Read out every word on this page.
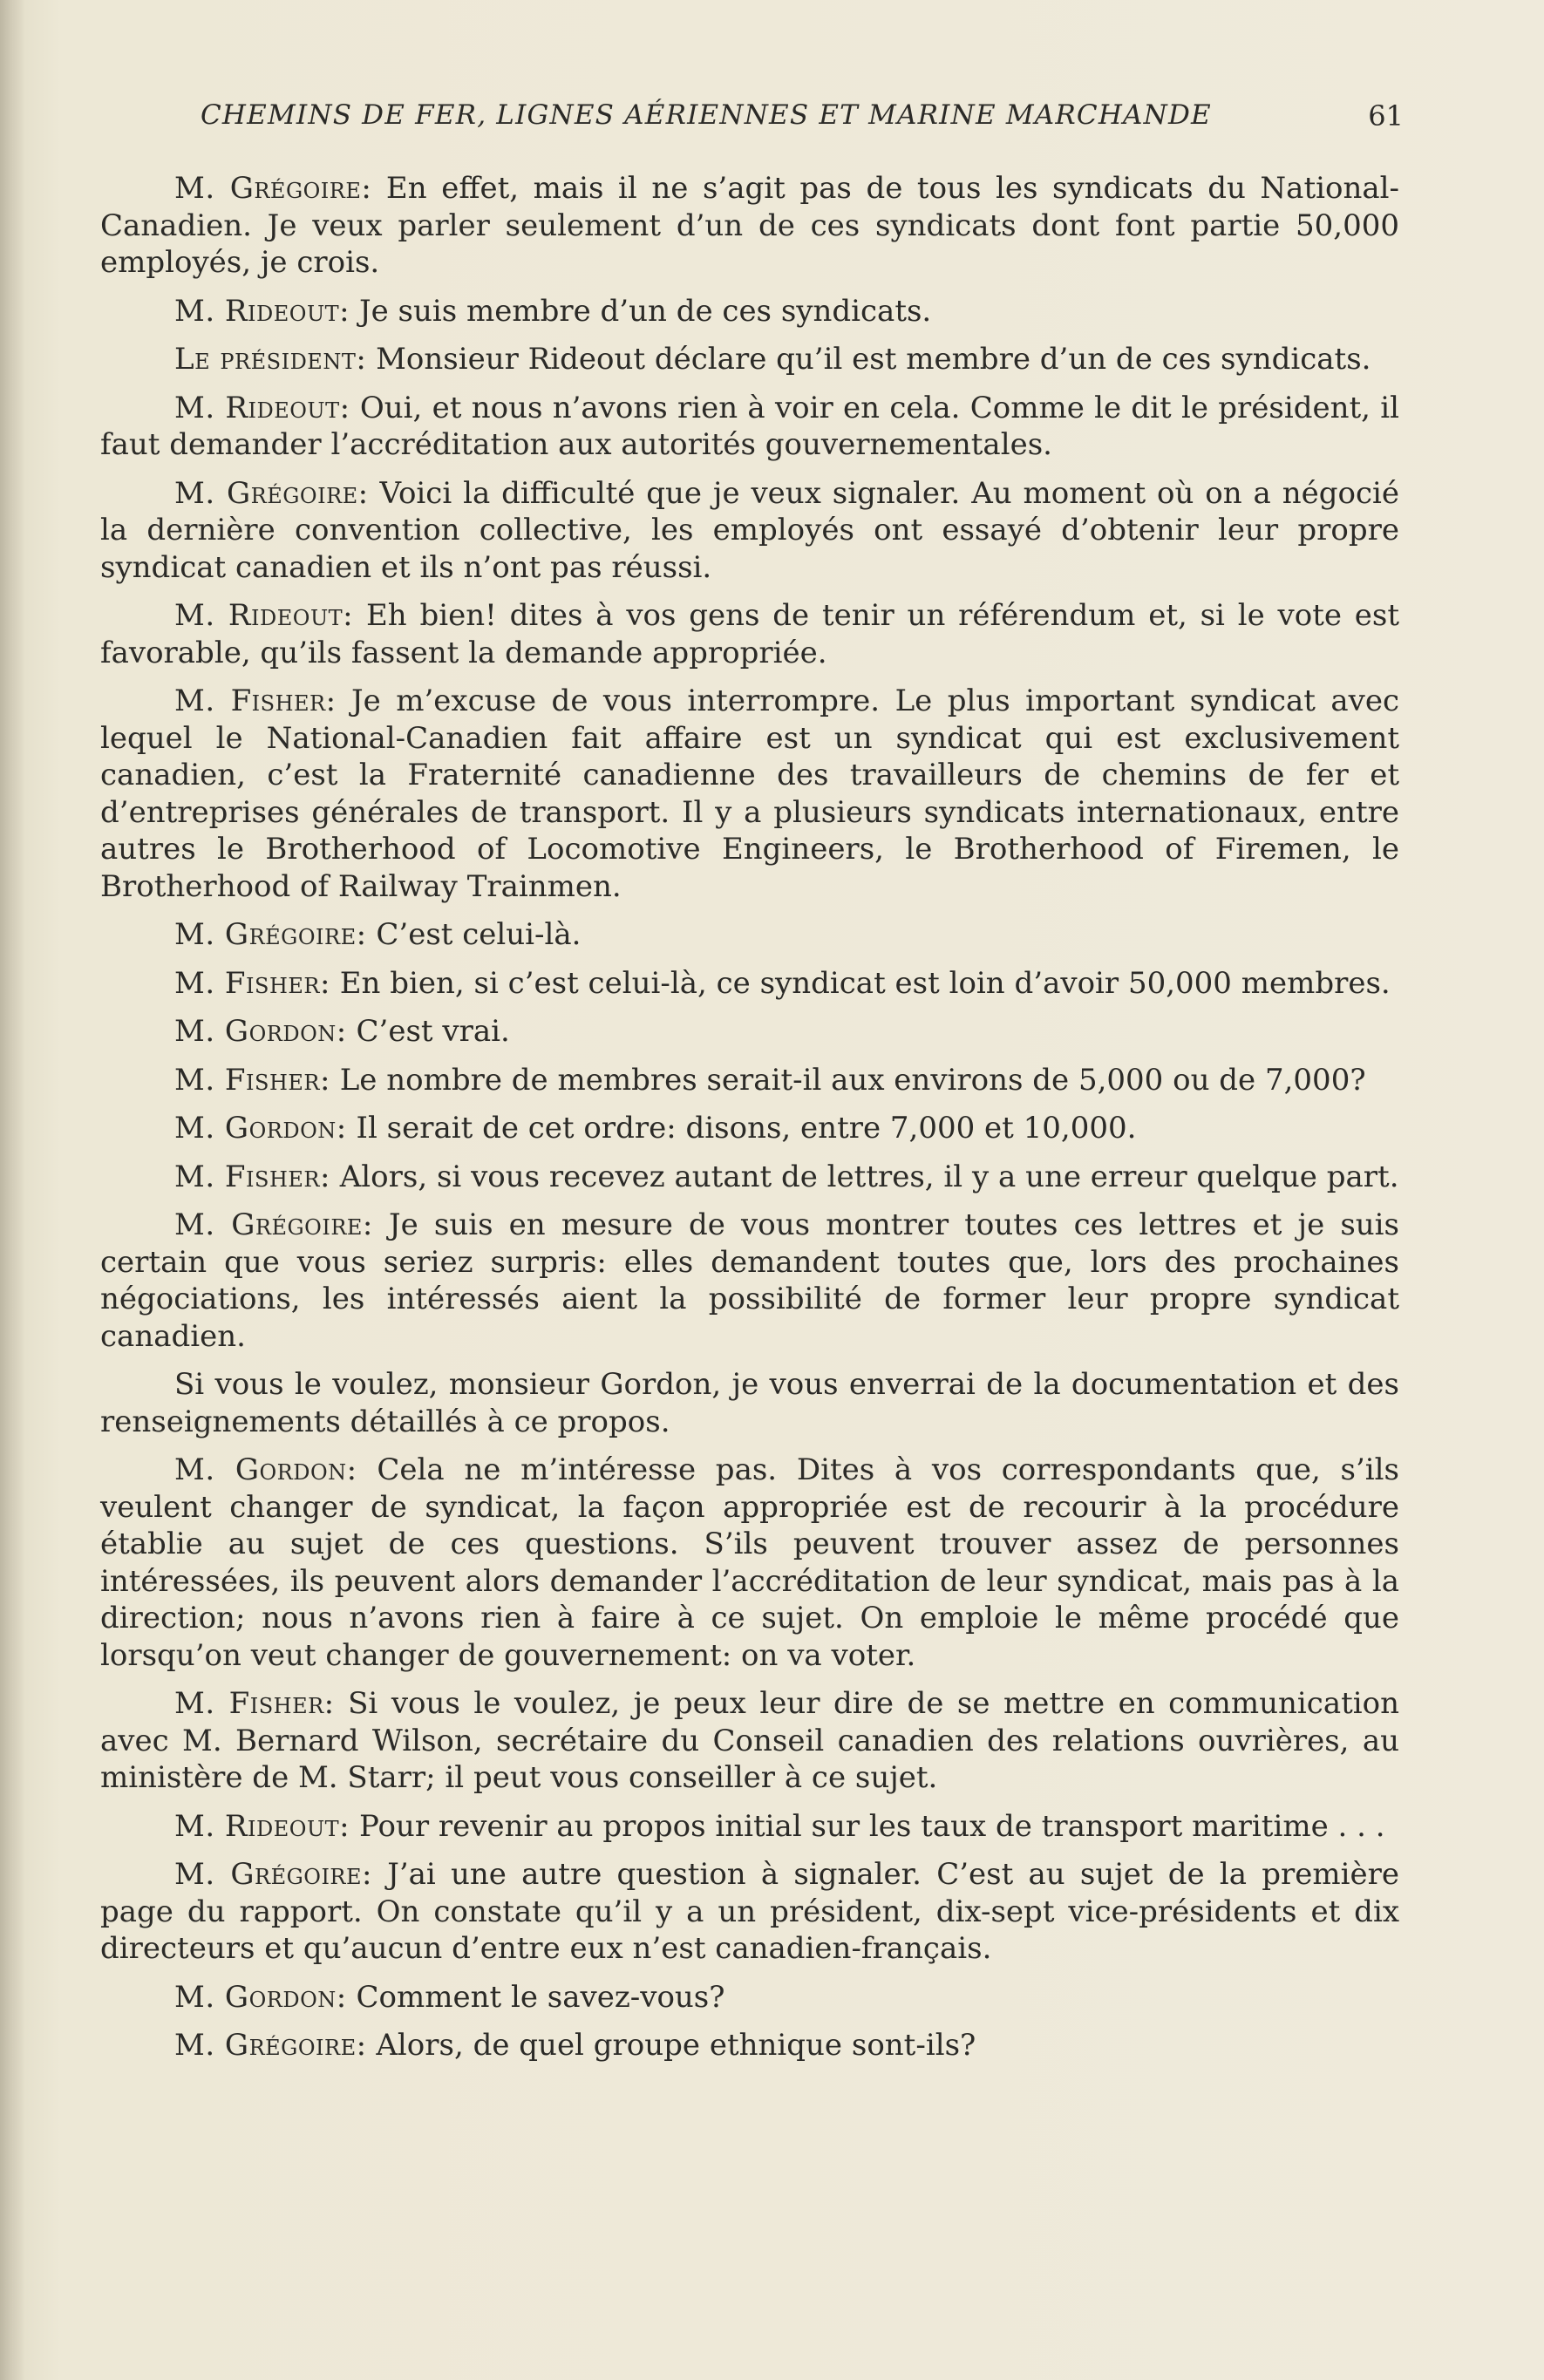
CHEMINS DE FER, LIGNES AÉRIENNES ET MARINE MARCHANDE	61

M. Grégoire: En effet, mais il ne s’agit pas de tous les syndicats du National-Canadien. Je veux parler seulement d’un de ces syndicats dont font partie 50,000 employés, je crois.

M. Rideout: Je suis membre d’un de ces syndicats.

Le président: Monsieur Rideout déclare qu’il est membre d’un de ces syndicats.

M. Rideout: Oui, et nous n’avons rien à voir en cela. Comme le dit le président, il faut demander l’accréditation aux autorités gouvernementales.

M. Grégoire: Voici la difficulté que je veux signaler. Au moment où on a négocié la dernière convention collective, les employés ont essayé d’obtenir leur propre syndicat canadien et ils n’ont pas réussi.

M. Rideout: Eh bien! dites à vos gens de tenir un référendum et, si le vote est favorable, qu’ils fassent la demande appropriée.

M. Fisher: Je m’excuse de vous interrompre. Le plus important syndicat avec lequel le National-Canadien fait affaire est un syndicat qui est exclusivement canadien, c’est la Fraternité canadienne des travailleurs de chemins de fer et d’entreprises générales de transport. Il y a plusieurs syndicats internationaux, entre autres le Brotherhood of Locomotive Engineers, le Brotherhood of Firemen, le Brotherhood of Railway Trainmen.

M. Grégoire: C’est celui-là.

M. Fisher: En bien, si c’est celui-là, ce syndicat est loin d’avoir 50,000 membres.

M. Gordon: C’est vrai.

M. Fisher: Le nombre de membres serait-il aux environs de 5,000 ou de 7,000?

M. Gordon: Il serait de cet ordre: disons, entre 7,000 et 10,000.

M. Fisher: Alors, si vous recevez autant de lettres, il y a une erreur quelque part.

M. Grégoire: Je suis en mesure de vous montrer toutes ces lettres et je suis certain que vous seriez surpris: elles demandent toutes que, lors des prochaines négociations, les intéressés aient la possibilité de former leur propre syndicat canadien.

Si vous le voulez, monsieur Gordon, je vous enverrai de la documentation et des renseignements détaillés à ce propos.

M. Gordon: Cela ne m’intéresse pas. Dites à vos correspondants que, s’ils veulent changer de syndicat, la façon appropriée est de recourir à la procédure établie au sujet de ces questions. S’ils peuvent trouver assez de personnes intéressées, ils peuvent alors demander l’accréditation de leur syndicat, mais pas à la direction; nous n’avons rien à faire à ce sujet. On emploie le même procédé que lorsqu’on veut changer de gouvernement: on va voter.

M. Fisher: Si vous le voulez, je peux leur dire de se mettre en communication avec M. Bernard Wilson, secrétaire du Conseil canadien des relations ouvrières, au ministère de M. Starr; il peut vous conseiller à ce sujet.

M. Rideout: Pour revenir au propos initial sur les taux de transport maritime . . .

M. Grégoire: J’ai une autre question à signaler. C’est au sujet de la première page du rapport. On constate qu’il y a un président, dix-sept vice-présidents et dix directeurs et qu’aucun d’entre eux n’est canadien-français.

M. Gordon: Comment le savez-vous?

M. Grégoire: Alors, de quel groupe ethnique sont-ils?
